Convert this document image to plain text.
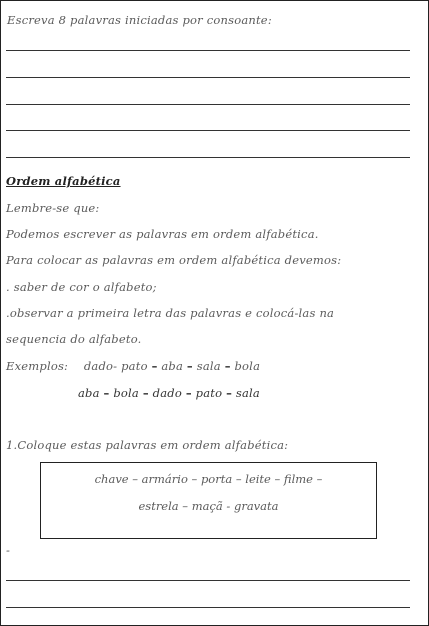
Escreva 8 palavras iniciadas por consoante:
Ordem alfabética
Lembre-se que:
Podemos escrever as palavras em ordem alfabética.
Para colocar as palavras em ordem alfabética devemos:
. saber de cor o alfabeto;
.observar a primeira letra das palavras e colocá-las na
sequencia do alfabeto.
Exemplos: dado- pato – aba – sala – bola
aba – bola – dado – pato – sala
1.Coloque estas palavras em ordem alfabética:
chave – armário – porta – leite – filme –
estrela – maçã - gravata
-
